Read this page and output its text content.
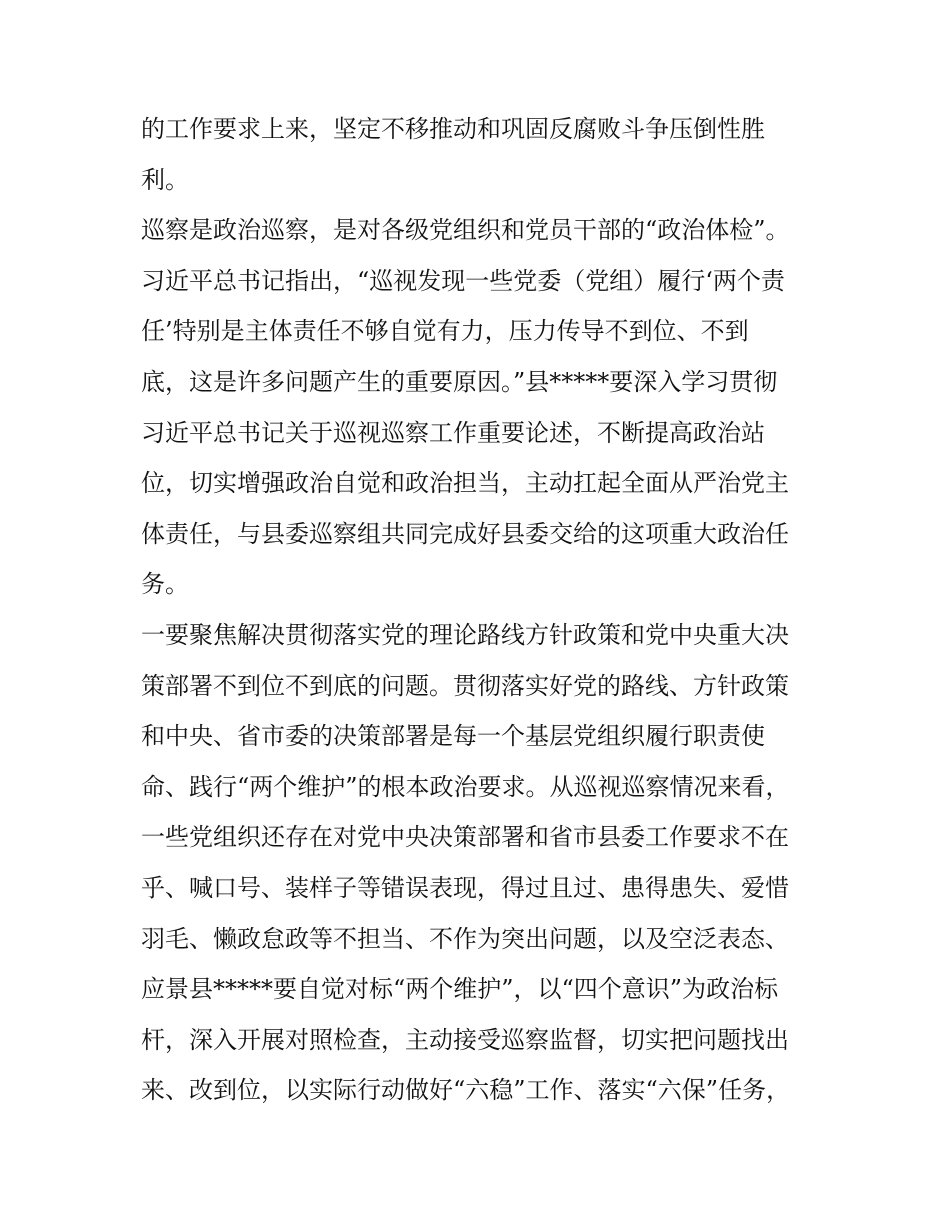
的工作要求上来，坚定不移推动和巩固反腐败斗争压倒性胜
利。
巡察是政治巡察，是对各级党组织和党员干部的“政治体检”。
习近平总书记指出，“巡视发现一些党委（党组）履行‘两个责
任’特别是主体责任不够自觉有力，压力传导不到位、不到
底，这是许多问题产生的重要原因。”县*****要深入学习贯彻
习近平总书记关于巡视巡察工作重要论述，不断提高政治站
位，切实增强政治自觉和政治担当，主动扛起全面从严治党主
体责任，与县委巡察组共同完成好县委交给的这项重大政治任
务。
一要聚焦解决贯彻落实党的理论路线方针政策和党中央重大决
策部署不到位不到底的问题。贯彻落实好党的路线、方针政策
和中央、省市委的决策部署是每一个基层党组织履行职责使
命、践行“两个维护”的根本政治要求。从巡视巡察情况来看，
一些党组织还存在对党中央决策部署和省市县委工作要求不在
乎、喊口号、装样子等错误表现，得过且过、患得患失、爱惜
羽毛、懒政怠政等不担当、不作为突出问题，以及空泛表态、
应景县*****要自觉对标“两个维护”，以“四个意识”为政治标
杆，深入开展对照检查，主动接受巡察监督，切实把问题找出
来、改到位，以实际行动做好“六稳”工作、落实“六保”任务，
